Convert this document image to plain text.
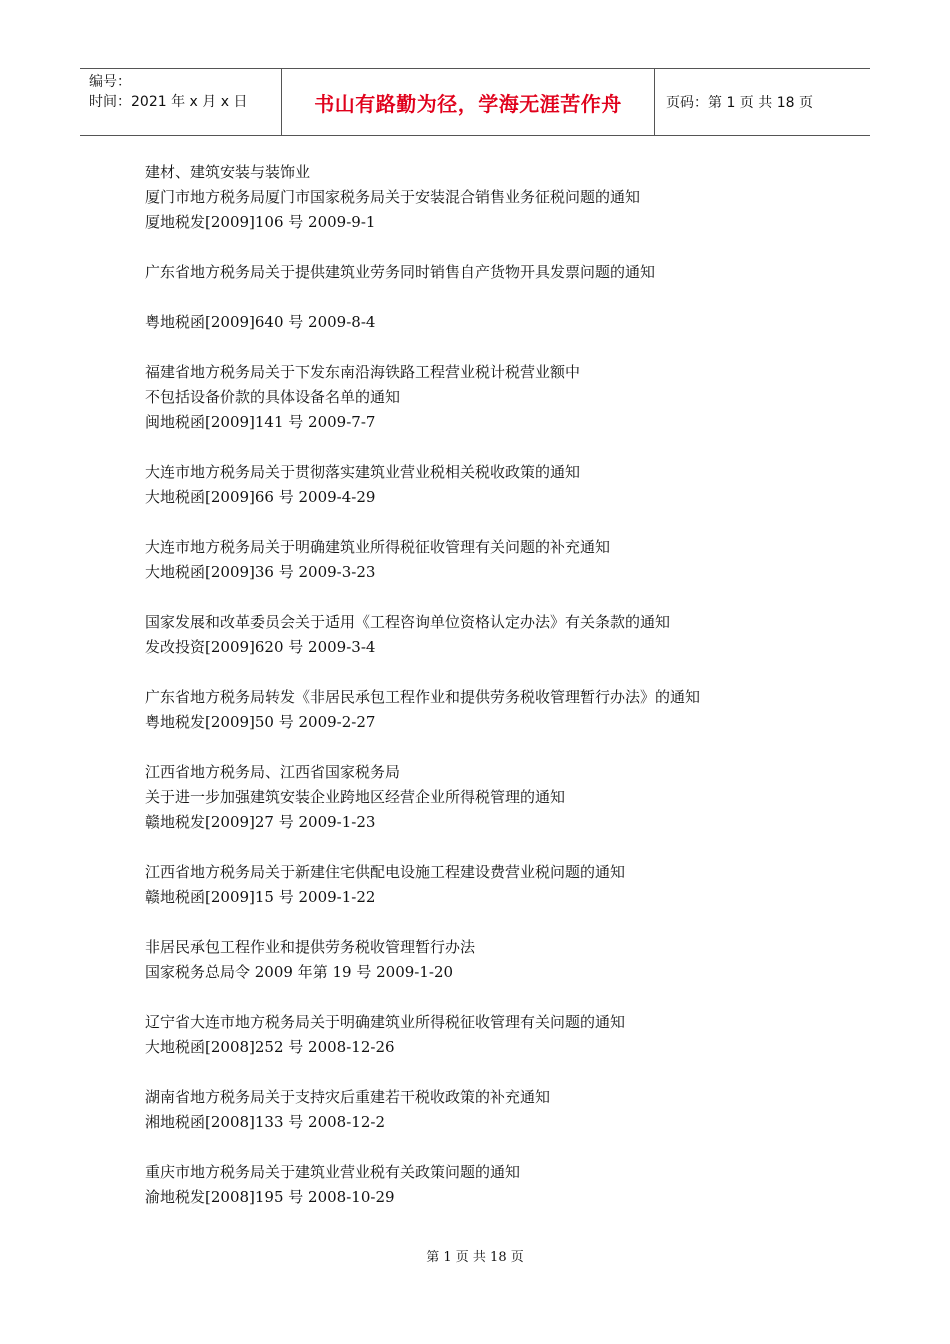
编号：
时间：2021 年 x 月 x 日	书山有路勤为径，学海无涯苦作舟	页码：第 1 页 共 18 页
建材、建筑安装与装饰业
厦门市地方税务局厦门市国家税务局关于安装混合销售业务征税问题的通知
厦地税发[2009]106 号 2009-9-1
广东省地方税务局关于提供建筑业劳务同时销售自产货物开具发票问题的通知
粤地税函[2009]640 号 2009-8-4
福建省地方税务局关于下发东南沿海铁路工程营业税计税营业额中
不包括设备价款的具体设备名单的通知
闽地税函[2009]141 号 2009-7-7
大连市地方税务局关于贯彻落实建筑业营业税相关税收政策的通知
大地税函[2009]66 号 2009-4-29
大连市地方税务局关于明确建筑业所得税征收管理有关问题的补充通知
大地税函[2009]36 号 2009-3-23
国家发展和改革委员会关于适用《工程咨询单位资格认定办法》有关条款的通知
发改投资[2009]620 号 2009-3-4
广东省地方税务局转发《非居民承包工程作业和提供劳务税收管理暂行办法》的通知
粤地税发[2009]50 号 2009-2-27
江西省地方税务局、江西省国家税务局
关于进一步加强建筑安装企业跨地区经营企业所得税管理的通知
赣地税发[2009]27 号 2009-1-23
江西省地方税务局关于新建住宅供配电设施工程建设费营业税问题的通知
赣地税函[2009]15 号 2009-1-22
非居民承包工程作业和提供劳务税收管理暂行办法
国家税务总局令 2009 年第 19 号 2009-1-20
辽宁省大连市地方税务局关于明确建筑业所得税征收管理有关问题的通知
大地税函[2008]252 号 2008-12-26
湖南省地方税务局关于支持灾后重建若干税收政策的补充通知
湘地税函[2008]133 号 2008-12-2
重庆市地方税务局关于建筑业营业税有关政策问题的通知
渝地税发[2008]195 号 2008-10-29
第 1 页 共 18 页
